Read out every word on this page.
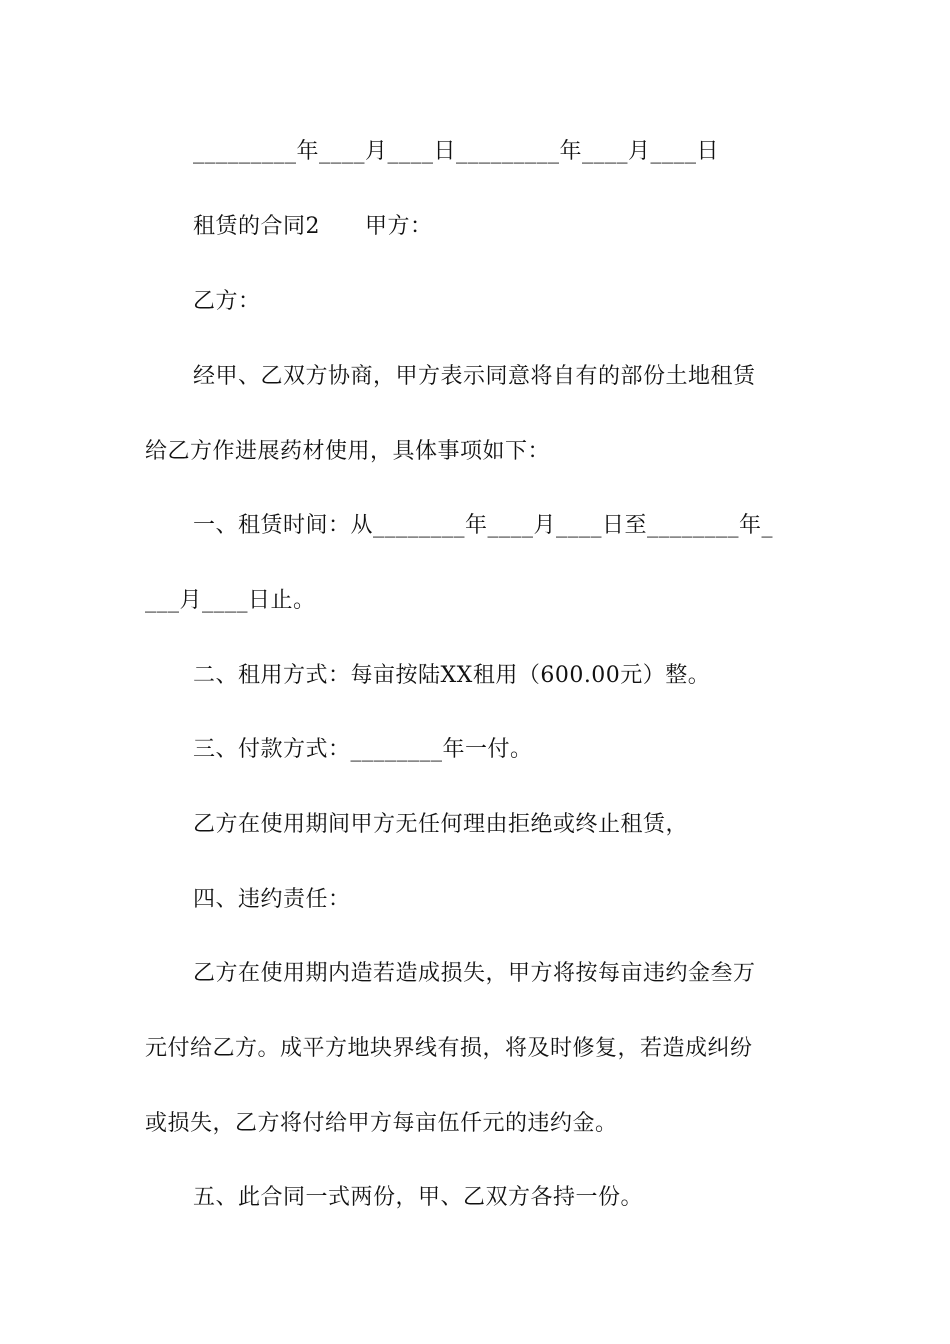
_________年____月____日_________年____月____日
租赁的合同2　　甲方：
乙方：
经甲、乙双方协商，甲方表示同意将自有的部份土地租赁
给乙方作进展药材使用，具体事项如下：
一、租赁时间：从________年____月____日至________年_
___月____日止。
二、租用方式：每亩按陆XX租用（600.00元）整。
三、付款方式：________年一付。
乙方在使用期间甲方无任何理由拒绝或终止租赁，
四、违约责任：
乙方在使用期内造若造成损失，甲方将按每亩违约金叁万
元付给乙方。成平方地块界线有损，将及时修复，若造成纠纷
或损失，乙方将付给甲方每亩伍仟元的违约金。
五、此合同一式两份，甲、乙双方各持一份。
